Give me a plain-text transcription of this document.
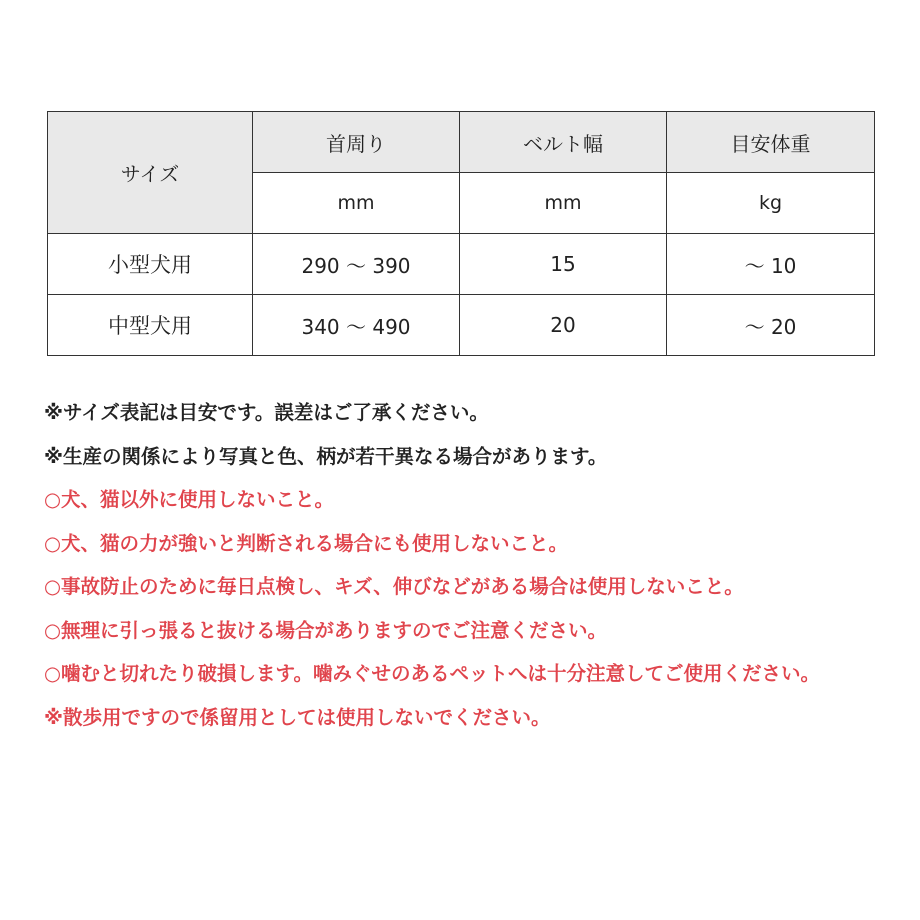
サイズ	首周り	ベルト幅	目安体重
	mm	mm	kg
小型犬用	290 ～ 390	15	～ 10
中型犬用	340 ～ 490	20	～ 20
※ サイズ表記は目安です。誤差はご了承ください。
※ 生産の関係により写真と色、柄が若干異なる場合があります。
○ 犬、猫以外に使用しないこと。
○ 犬、猫の力が強いと判断される場合にも使用しないこと。
○ 事故防止のために毎日点検し、キズ、伸びなどがある場合は使用しないこと。
○ 無理に引っ張ると抜ける場合がありますのでご注意ください。
○ 噛むと切れたり破損します。噛みぐせのあるペットへは十分注意してご使用ください。
※ 散歩用ですので係留用としては使用しないでください。
